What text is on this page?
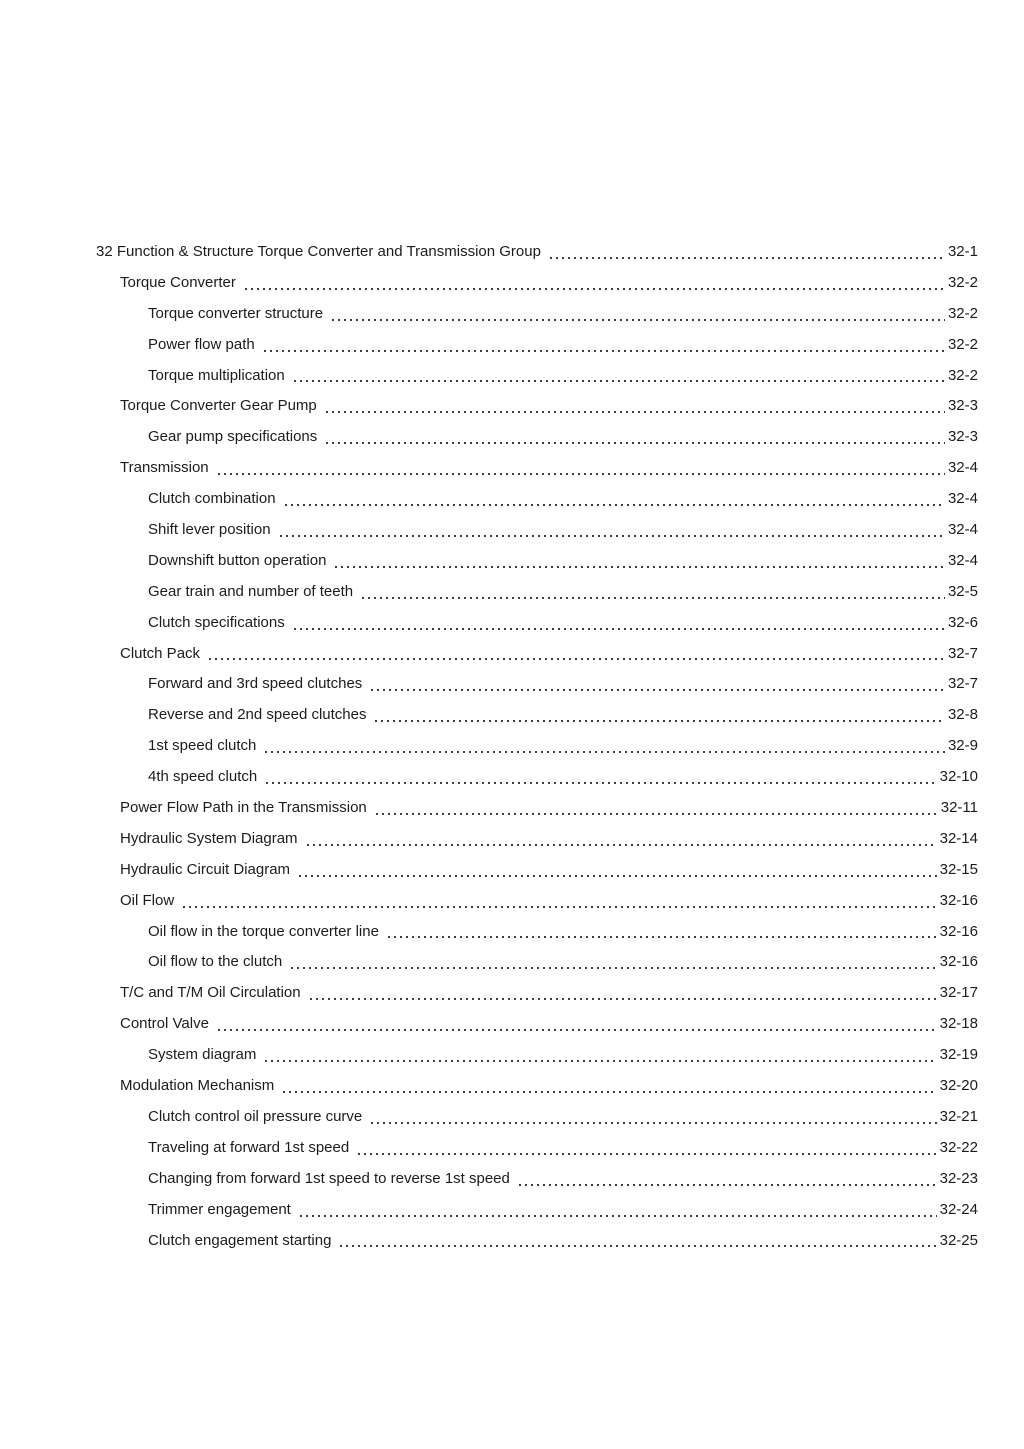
32 Function & Structure Torque Converter and Transmission Group	32-1
Torque Converter	32-2
Torque converter structure	32-2
Power flow path	32-2
Torque multiplication	32-2
Torque Converter Gear Pump	32-3
Gear pump specifications	32-3
Transmission	32-4
Clutch combination	32-4
Shift lever position	32-4
Downshift button operation	32-4
Gear train and number of teeth	32-5
Clutch specifications	32-6
Clutch Pack	32-7
Forward and 3rd speed clutches	32-7
Reverse and 2nd speed clutches	32-8
1st speed clutch	32-9
4th speed clutch	32-10
Power Flow Path in the Transmission	32-11
Hydraulic System Diagram	32-14
Hydraulic Circuit Diagram	32-15
Oil Flow	32-16
Oil flow in the torque converter line	32-16
Oil flow to the clutch	32-16
T/C and T/M Oil Circulation	32-17
Control Valve	32-18
System diagram	32-19
Modulation Mechanism	32-20
Clutch control oil pressure curve	32-21
Traveling at forward 1st speed	32-22
Changing from forward 1st speed to reverse 1st speed	32-23
Trimmer engagement	32-24
Clutch engagement starting	32-25
